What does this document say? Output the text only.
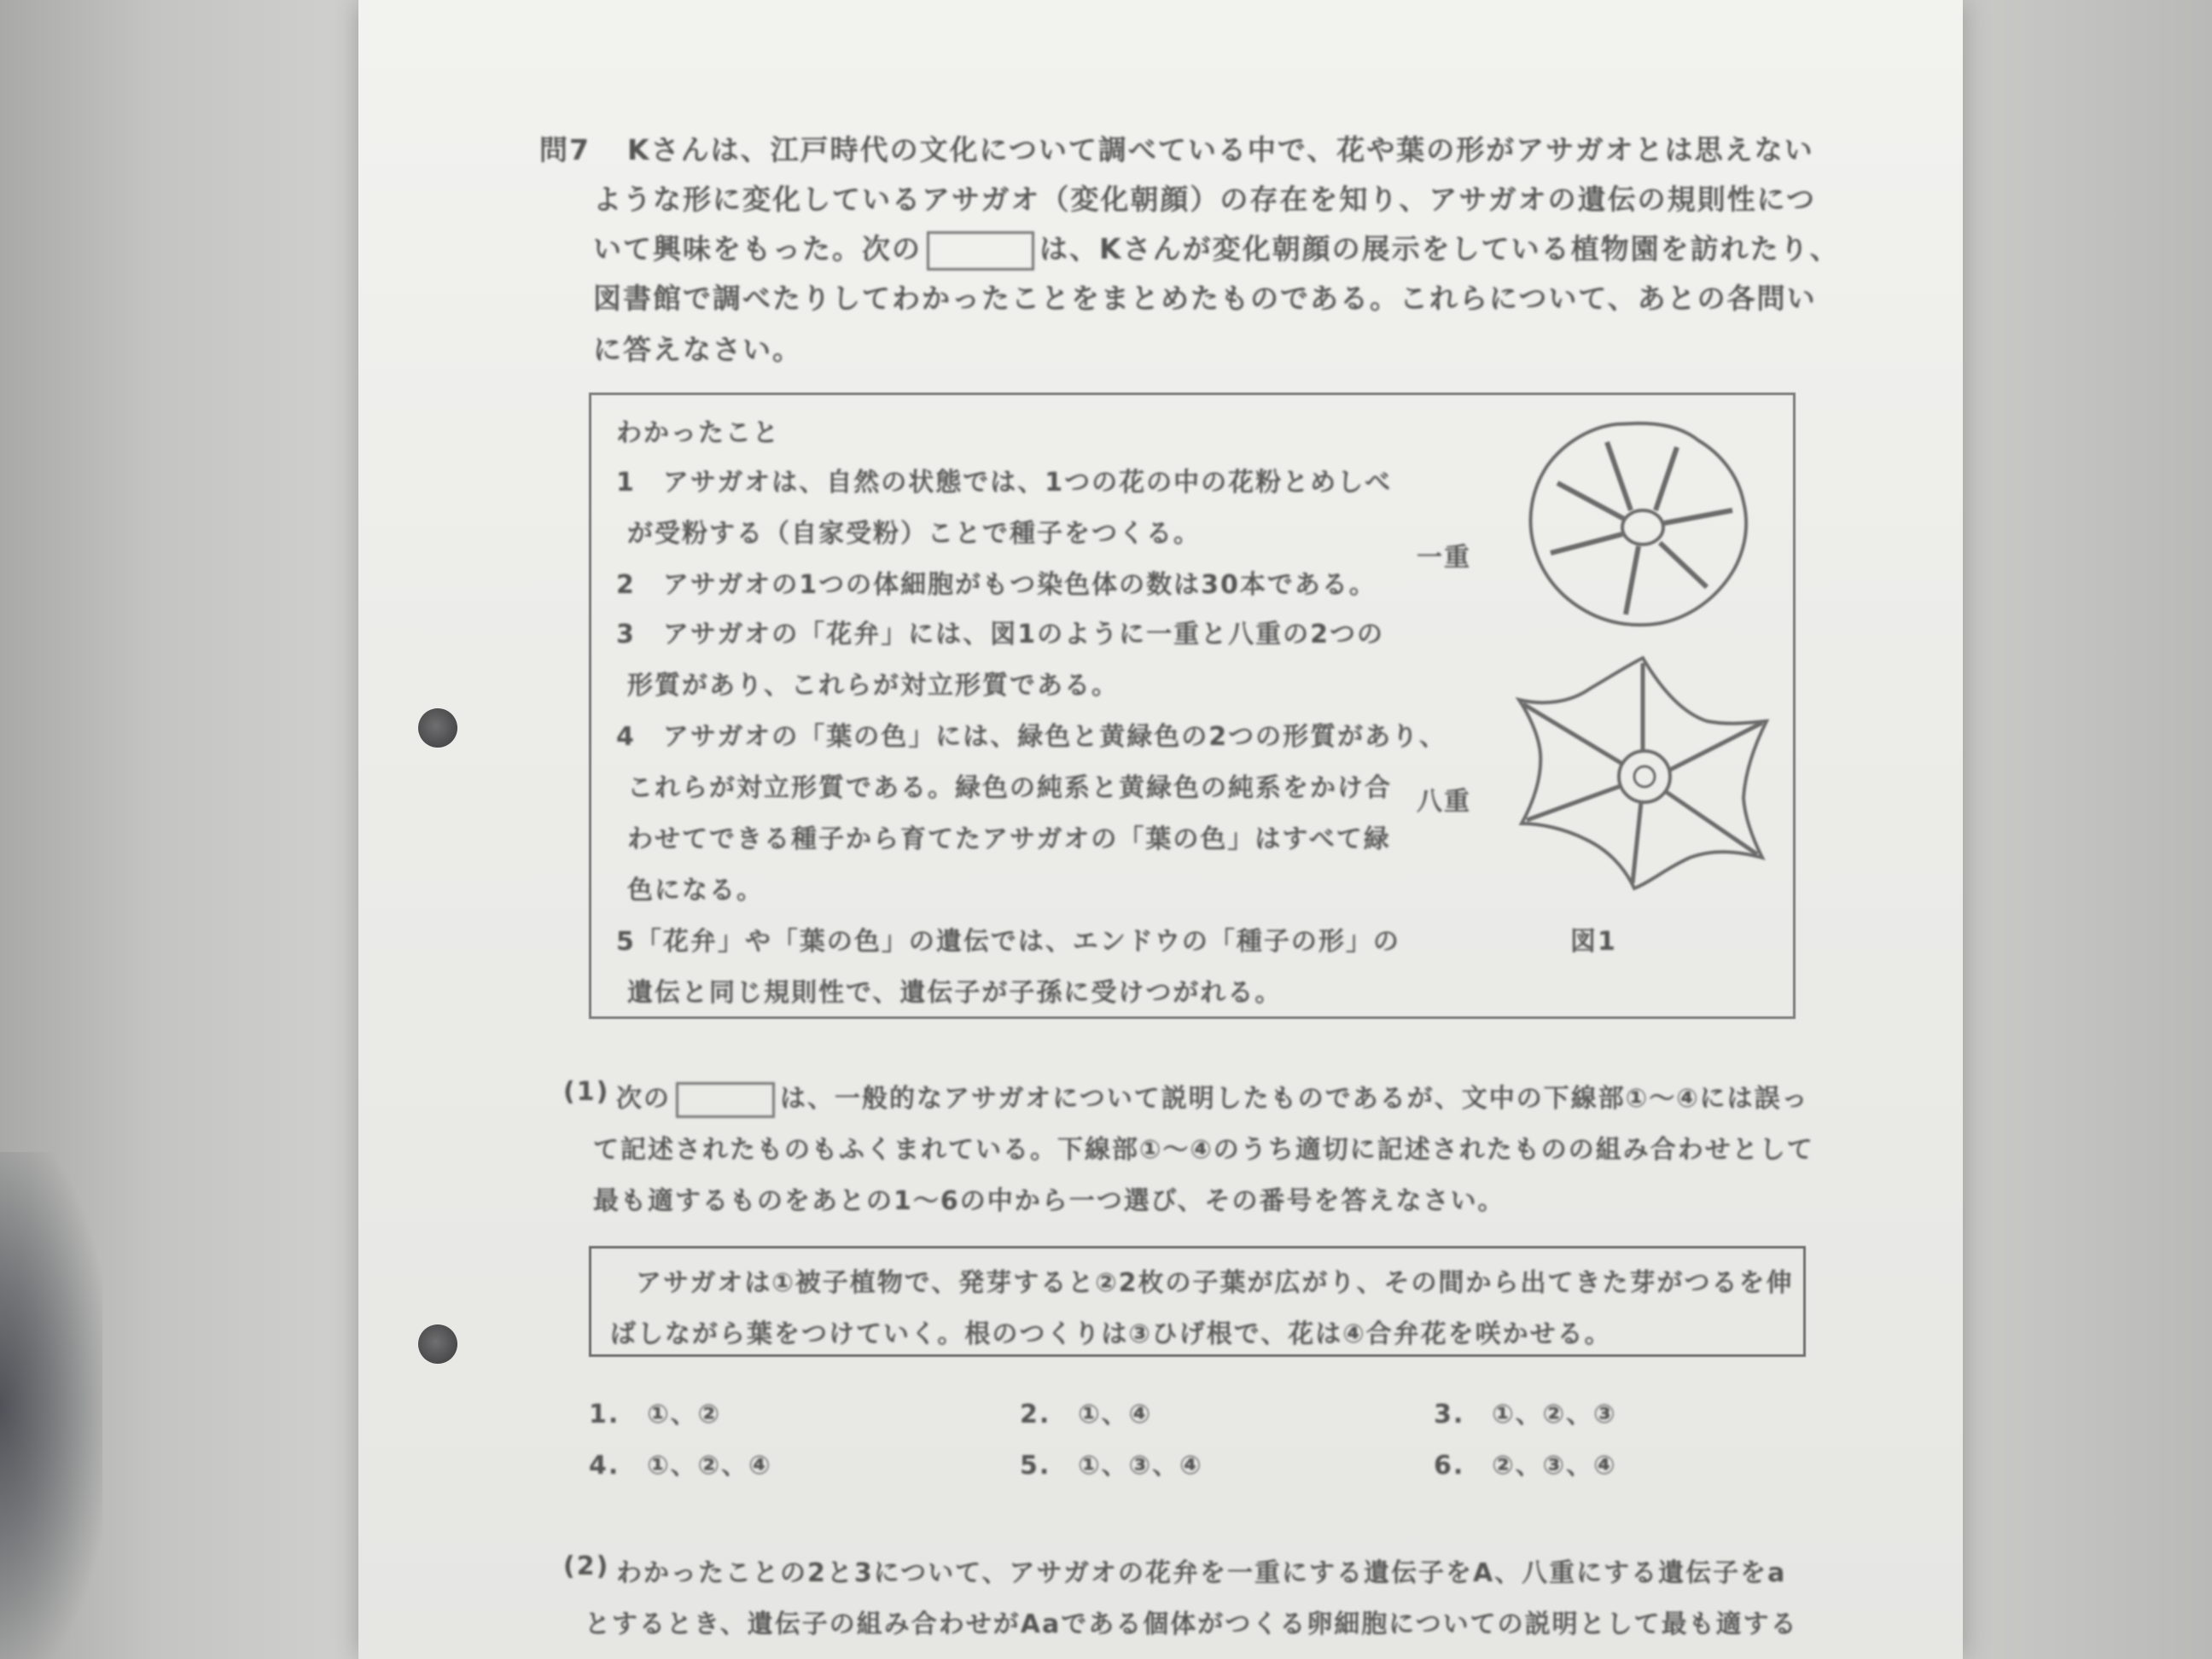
問7 Kさんは、江戸時代の文化について調べている中で、花や葉の形がアサガオとは思えない
ような形に変化しているアサガオ（変化朝顔）の存在を知り、アサガオの遺伝の規則性につ
いて興味をもった。次の	は、Kさんが変化朝顔の展示をしている植物園を訪れたり、
図書館で調べたりしてわかったことをまとめたものである。これらについて、あとの各問い
に答えなさい。
わかったこと
1　アサガオは、自然の状態では、1つの花の中の花粉とめしべ
が受粉する（自家受粉）ことで種子をつくる。
2　アサガオの1つの体細胞がもつ染色体の数は30本である。
3　アサガオの「花弁」には、図1のように一重と八重の2つの
形質があり、これらが対立形質である。
4　アサガオの「葉の色」には、緑色と黄緑色の2つの形質があり、
これらが対立形質である。緑色の純系と黄緑色の純系をかけ合
わせてできる種子から育てたアサガオの「葉の色」はすべて緑
色になる。
5「花弁」や「葉の色」の遺伝では、エンドウの「種子の形」の
遺伝と同じ規則性で、遺伝子が子孫に受けつがれる。
一重
八重
図1
(1) 次の	は、一般的なアサガオについて説明したものであるが、文中の下線部①～④には誤っ
て記述されたものもふくまれている。下線部①～④のうち適切に記述されたものの組み合わせとして
最も適するものをあとの1～6の中から一つ選び、その番号を答えなさい。
アサガオは①被子植物で、発芽すると②2枚の子葉が広がり、その間から出てきた芽がつるを伸
ばしながら葉をつけていく。根のつくりは③ひげ根で、花は④合弁花を咲かせる。
1.　①、②	2.　①、④	3.　①、②、③
4.　①、②、④	5.　①、③、④	6.　②、③、④
(2) わかったことの2と3について、アサガオの花弁を一重にする遺伝子をA、八重にする遺伝子をa
とするとき、遺伝子の組み合わせがAaである個体がつくる卵細胞についての説明として最も適する
